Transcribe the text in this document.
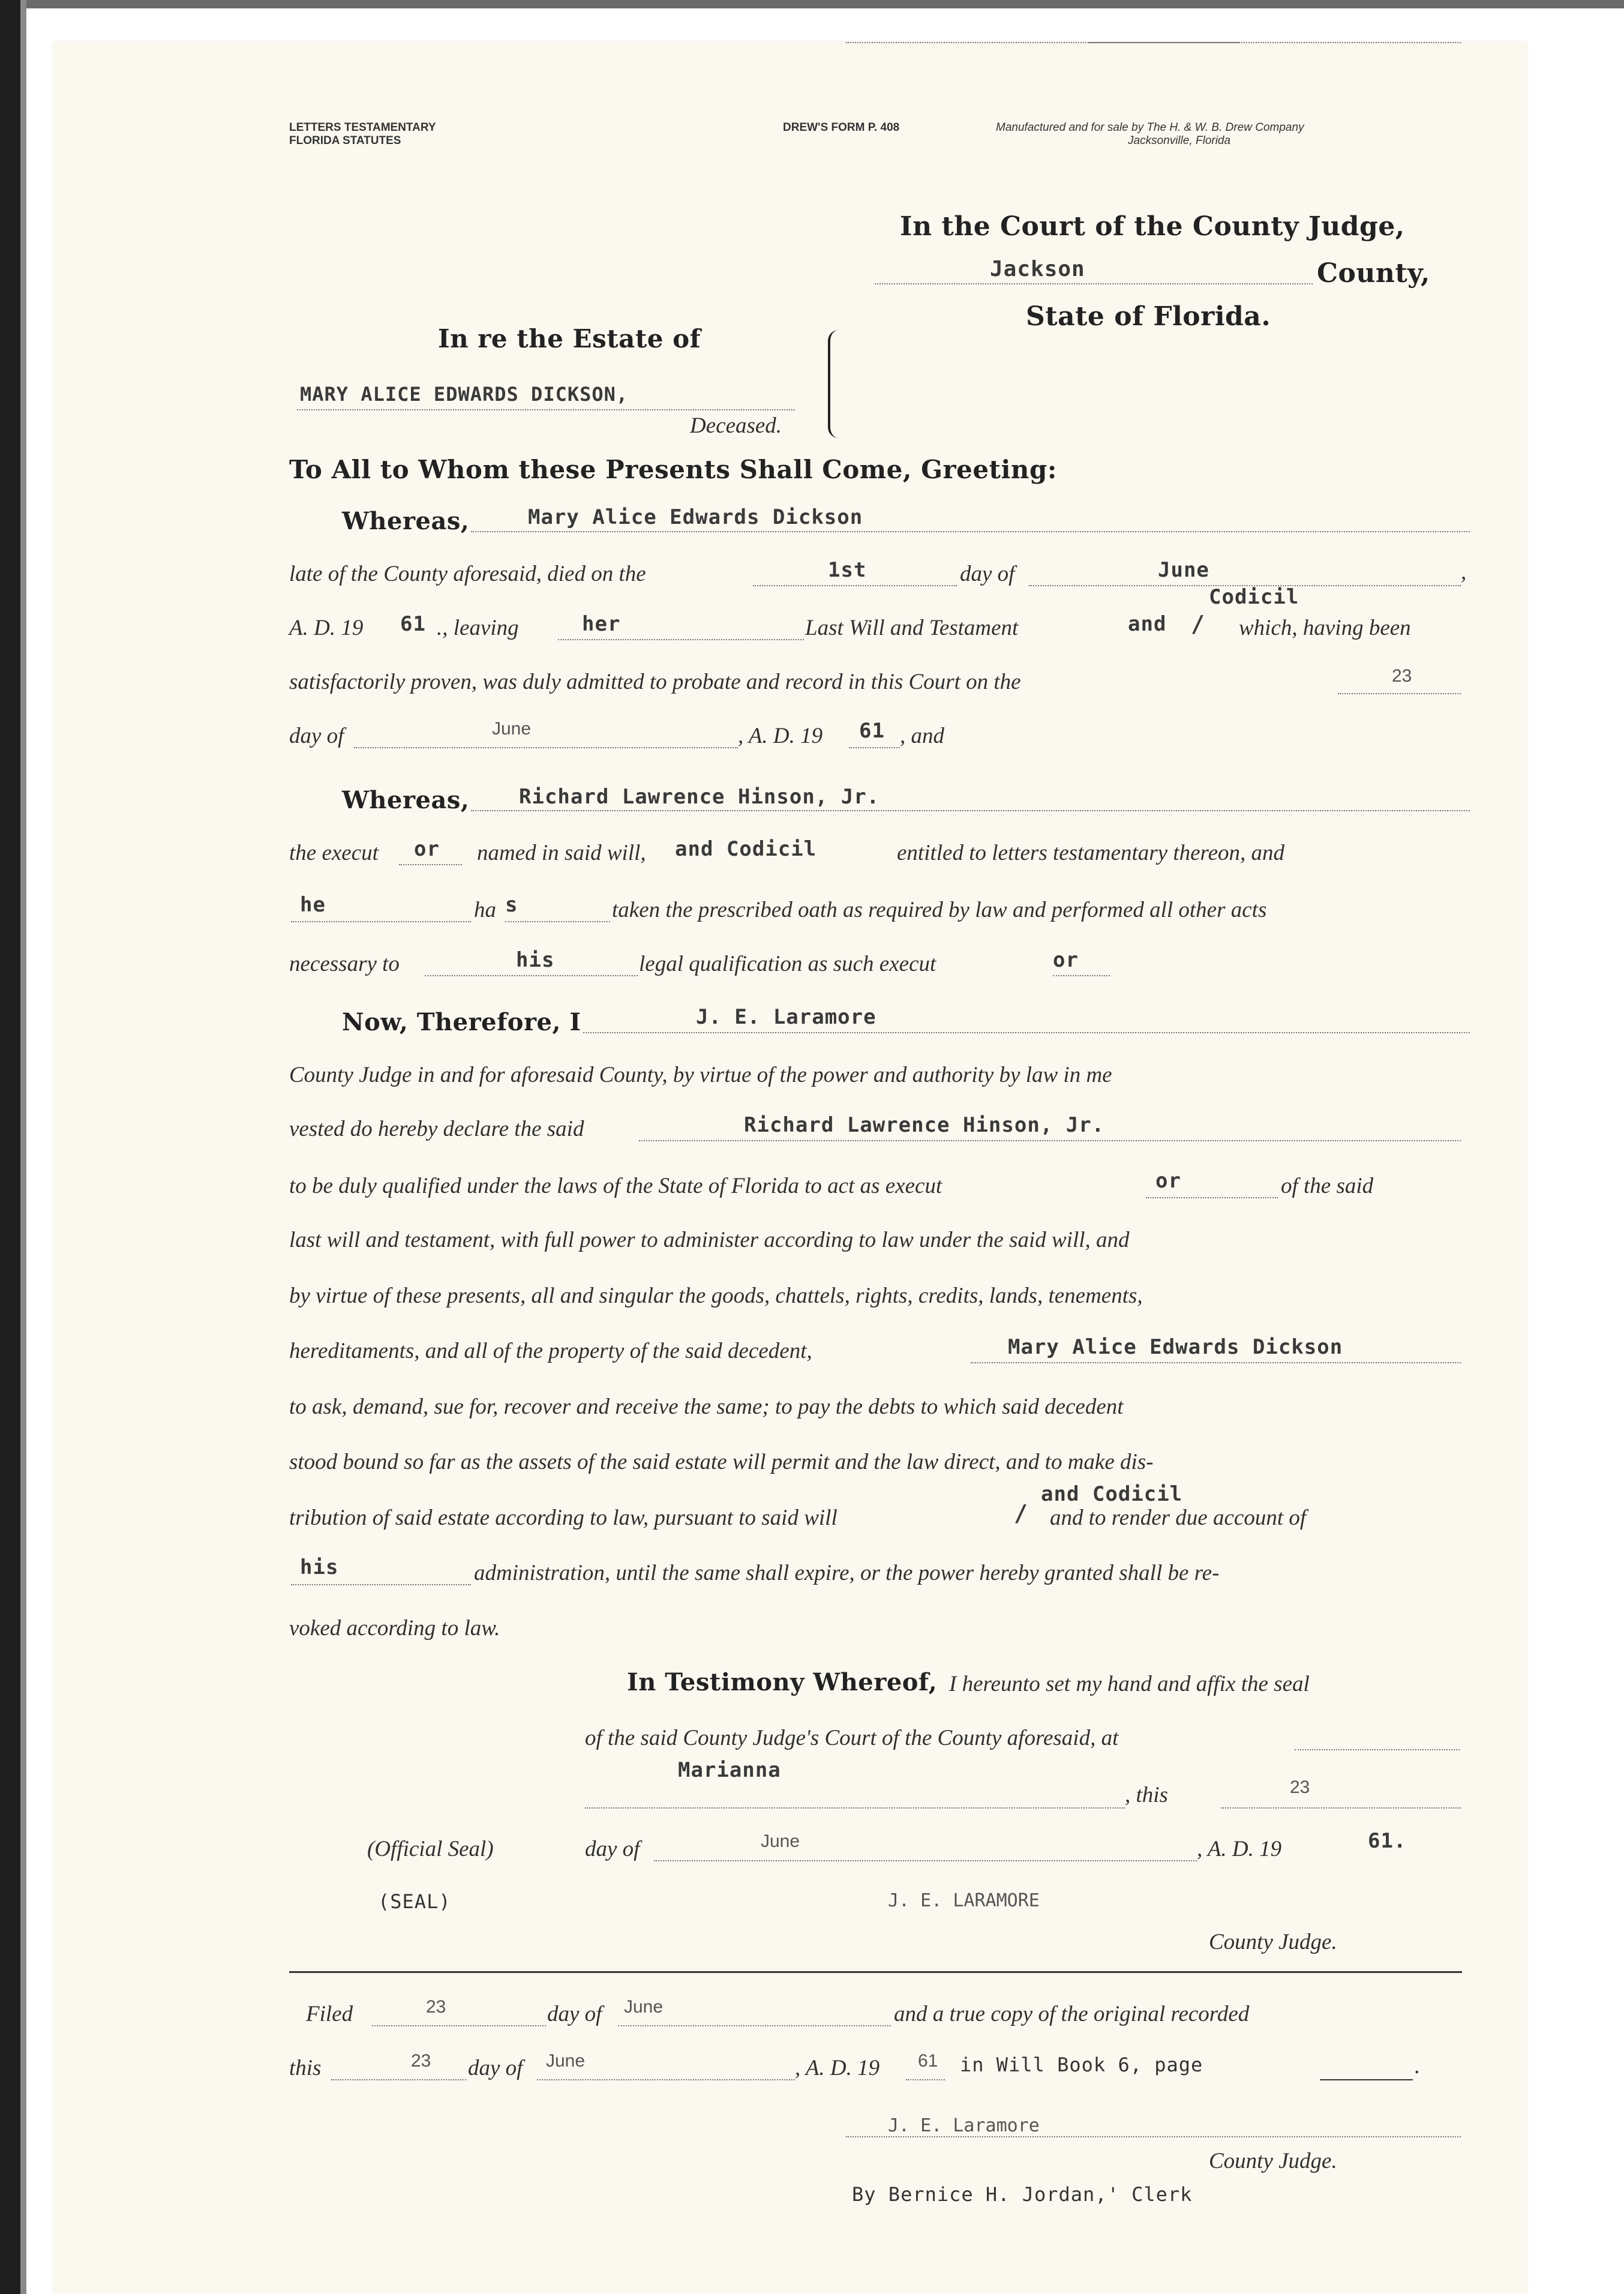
LETTERS TESTAMENTARY
FLORIDA STATUTES
DREW'S FORM P. 408	Manufactured and for sale by The H. & W. B. Drew Company
Jacksonville, Florida
In the Court of the County Judge,
Jackson	County,
State of Florida.
In re the Estate of
MARY ALICE EDWARDS DICKSON,
Deceased.
To All to Whom these Presents Shall Come, Greeting:
Whereas,	Mary Alice Edwards Dickson
late of the County aforesaid, died on the	1st	day of	June	,
A. D. 19 61 ., leaving	her	Last Will and Testament	and /
Codicil
which, having been
satisfactorily proven, was duly admitted to probate and record in this Court on the	23
day of	June	, A. D. 19 61 , and
Whereas, Richard Lawrence Hinson, Jr.
the execut or named in said will, and Codicil	entitled to letters testamentary thereon, and
he	ha s	taken the prescribed oath as required by law and performed all other acts
necessary to	his	legal qualification as such execut	or
Now, Therefore, I	J. E. Laramore
County Judge in and for aforesaid County, by virtue of the power and authority by law in me
vested do hereby declare the said	Richard Lawrence Hinson, Jr.
to be duly qualified under the laws of the State of Florida to act as execut	or	of the said
last will and testament, with full power to administer according to law under the said will, and
by virtue of these presents, all and singular the goods, chattels, rights, credits, lands, tenements,
hereditaments, and all of the property of the said decedent,	Mary Alice Edwards Dickson
to ask, demand, sue for, recover and receive the same; to pay the debts to which said decedent
stood bound so far as the assets of the said estate will permit and the law direct, and to make dis-
and Codicil
tribution of said estate according to law, pursuant to said will	/ and to render due account of
his	administration, until the same shall expire, or the power hereby granted shall be re-
voked according to law.
In Testimony Whereof, I hereunto set my hand and affix the seal
of the said County Judge's Court of the County aforesaid, at
Marianna
, this	23
(Official Seal)	day of	June	, A. D. 19	61.
(SEAL)	J. E. LARAMORE
County Judge.
Filed	23	day of June	and a true copy of the original recorded
this	23 day of June	, A. D. 19 61 in Will Book 6, page	.
J. E. Laramore
County Judge.
By Bernice H. Jordan,' Clerk
